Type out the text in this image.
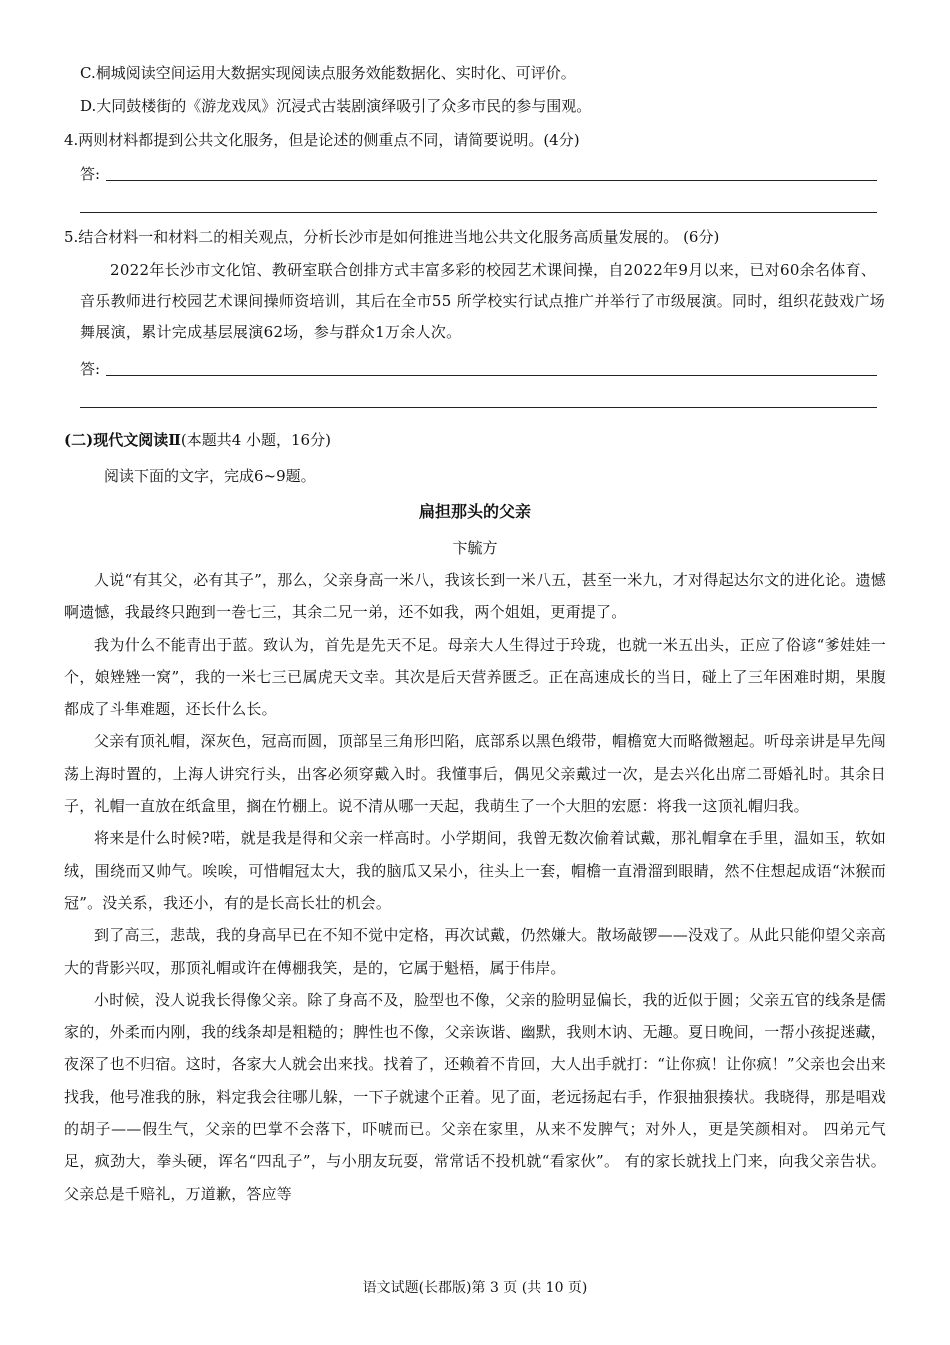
C.桐城阅读空间运用大数据实现阅读点服务效能数据化、实时化、可评价。
D.大同鼓楼街的《游龙戏凤》沉浸式古装剧演绎吸引了众多市民的参与围观。
4.两则材料都提到公共文化服务，但是论述的侧重点不同，请简要说明。(4分)
答:
5.结合材料一和材料二的相关观点，分析长沙市是如何推进当地公共文化服务高质量发展的。 (6分)
2022年长沙市文化馆、教研室联合创排方式丰富多彩的校园艺术课间操，自2022年9月以来，已对60余名体育、音乐教师进行校园艺术课间操师资培训，其后在全市55 所学校实行试点推广并举行了市级展演。同时，组织花鼓戏广场舞展演，累计完成基层展演62场，参与群众1万余人次。
答:
(二)现代文阅读Ⅱ(本题共4 小题，16分)
阅读下面的文字，完成6~9题。
扁担那头的父亲
卞毓方

人说“有其父，必有其子”，那么，父亲身高一米八，我该长到一米八五，甚至一米九，才对得起达尔文的进化论。遗憾啊遗憾，我最终只跑到一巻七三，其余二兄一弟，还不如我，两个姐姐，更甭提了。

我为什么不能青出于蓝。致认为，首先是先天不足。母亲大人生得过于玲珑，也就一米五出头，正应了俗谚“爹娃娃一个，娘矬矬一窝”，我的一米七三已属虎天文幸。其次是后天营养匮乏。正在高速成长的当日，碰上了三年困难时期，果腹都成了斗隼难题，还长什么长。

父亲有顶礼帽，深灰色，冠高而圆，顶部呈三角形凹陷，底部系以黑色缎带，帽檐宽大而略微翘起。听母亲讲是早先闯荡上海时置的，上海人讲究行头，出客必须穿戴入时。我懂事后，偶见父亲戴过一次，是去兴化出席二哥婚礼时。其余日子，礼帽一直放在纸盒里，搁在竹棚上。说不清从哪一天起，我萌生了一个大胆的宏愿：将我一这顶礼帽归我。

将来是什么时候?喏，就是我是得和父亲一样高时。小学期间，我曾无数次偷着试戴，那礼帽拿在手里，温如玉，软如绒，围绕而又帅气。唉唉，可惜帽冠太大，我的脑瓜又呆小，往头上一套，帽檐一直滑溜到眼睛，然不住想起成语“沐猴而冠”。没关系，我还小，有的是长高长壮的机会。

到了高三，悲哉，我的身高早已在不知不觉中定格，再次试戴，仍然嫌大。散场敲锣——没戏了。从此只能仰望父亲高大的背影兴叹，那顶礼帽或许在傅棚我笑，是的，它属于魁梧，属于伟岸。

小时候，没人说我长得像父亲。除了身高不及，脸型也不像，父亲的脸明显偏长，我的近似于圆；父亲五官的线条是儒家的，外柔而内刚，我的线条却是粗糙的；脾性也不像，父亲诙谐、幽默，我则木讷、无趣。夏日晚间，一帮小孩捉迷藏，夜深了也不归宿。这时，各家大人就会出来找。找着了，还赖着不肯回，大人出手就打：“让你疯！让你疯！”父亲也会出来找我，他号准我的脉，料定我会往哪儿躲，一下子就逮个正着。见了面，老远扬起右手，作狠抽狠揍状。我晓得，那是唱戏的胡子——假生气，父亲的巴掌不会落下，吓唬而已。父亲在家里，从来不发脾气；对外人，更是笑颜相对。 四弟元气足，疯劲大，拳头硬，诨名“四乱子”，与小朋友玩耍，常常话不投机就“看家伙”。 有的家长就找上门来，向我父亲告状。父亲总是千赔礼，万道歉，答应等

语文试题(长郡版)第 3 页 (共 10 页)
